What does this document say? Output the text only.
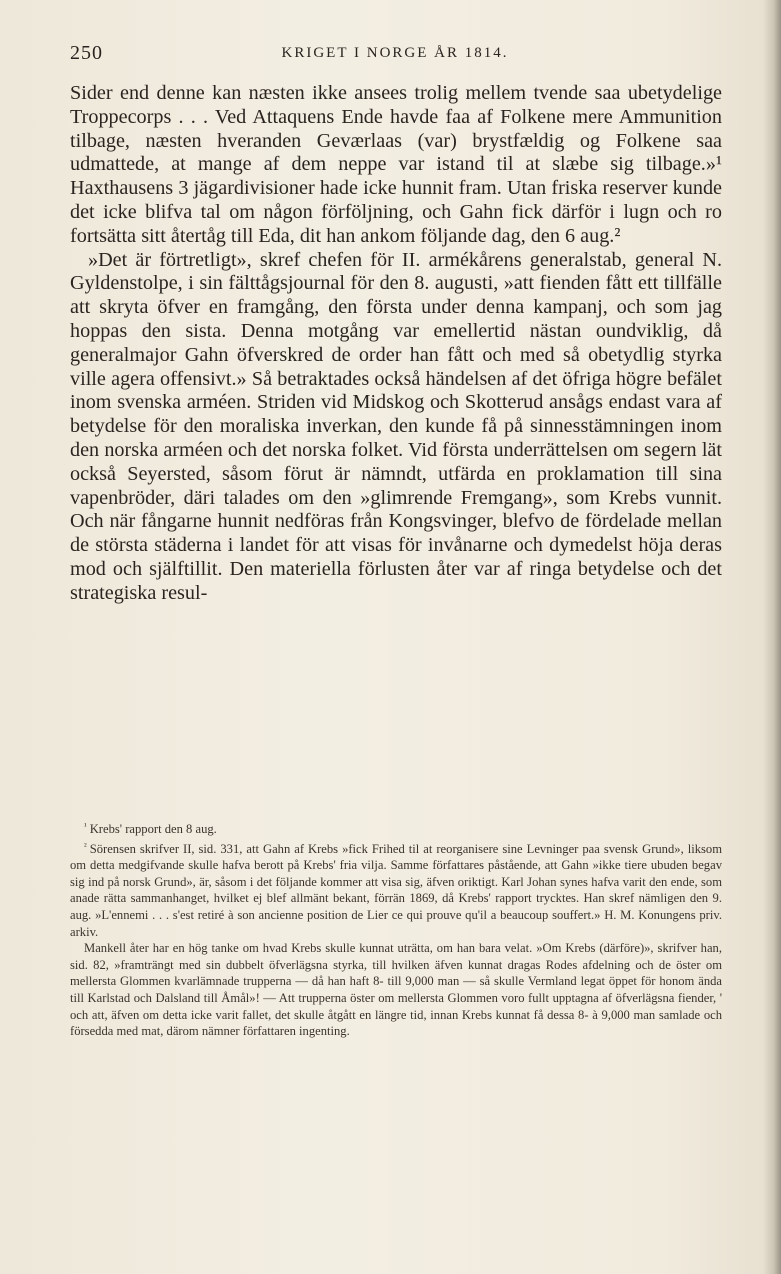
250	KRIGET I NORGE ÅR 1814.

Sider end denne kan næsten ikke ansees trolig mellem tvende saa ubetydelige Troppecorps . . . Ved Attaquens Ende havde faa af Folkene mere Ammunition tilbage, næsten hveranden Geværlaas (var) brystfældig og Folkene saa udmattede, at mange af dem neppe var istand til at slæbe sig tilbage.»¹ Haxthausens 3 jägardivisioner hade icke hunnit fram. Utan friska reserver kunde det icke blifva tal om någon förföljning, och Gahn fick därför i lugn och ro fortsätta sitt återtåg till Eda, dit han ankom följande dag, den 6 aug.²

»Det är förtretligt», skref chefen för II. armékårens generalstab, general N. Gyldenstolpe, i sin fälttågsjournal för den 8. augusti, »att fienden fått ett tillfälle att skryta öfver en framgång, den första under denna kampanj, och som jag hoppas den sista. Denna motgång var emellertid nästan oundviklig, då generalmajor Gahn öfverskred de order han fått och med så obetydlig styrka ville agera offensivt.» Så betraktades också händelsen af det öfriga högre befälet inom svenska arméen. Striden vid Midskog och Skotterud ansågs endast vara af betydelse för den moraliska inverkan, den kunde få på sinnesstämningen inom den norska arméen och det norska folket. Vid första underrättelsen om segern lät också Seyersted, såsom förut är nämndt, utfärda en proklamation till sina vapenbröder, däri talades om den »glimrende Fremgang», som Krebs vunnit. Och när fångarne hunnit nedföras från Kongsvinger, blefvo de fördelade mellan de största städerna i landet för att visas för invånarne och dymedelst höja deras mod och själftillit. Den materiella förlusten åter var af ringa betydelse och det strategiska resul-

$^{^1}$ Krebs' rapport den 8 aug.

$^{^2}$ Sörensen skrifver II, sid. 331, att Gahn af Krebs »fick Frihed til at reorganisere sine Levninger paa svensk Grund», liksom om detta medgifvande skulle hafva berott på Krebs' fria vilja. Samme författares påstående, att Gahn »ikke tiere ubuden begav sig ind på norsk Grund», är, såsom i det följande kommer att visa sig, äfven oriktigt. Karl Johan synes hafva varit den ende, som anade rätta sammanhanget, hvilket ej blef allmänt bekant, förrän 1869, då Krebs' rapport trycktes. Han skref nämligen den 9. aug. »L'ennemi . . . s'est retiré à son ancienne position de Lier ce qui prouve qu'il a beaucoup souffert.» H. M. Konungens priv. arkiv.

Mankell åter har en hög tanke om hvad Krebs skulle kunnat uträtta, om han bara velat. »Om Krebs (därföre)», skrifver han, sid. 82, »framträngt med sin dubbelt öfverlägsna styrka, till hvilken äfven kunnat dragas Rodes afdelning och de öster om mellersta Glommen kvarlämnade trupperna — då han haft 8- till 9,000 man — så skulle Vermland legat öppet för honom ända till Karlstad och Dalsland till Åmål»! — Att trupperna öster om mellersta Glommen voro fullt upptagna af öfverlägsna fiender, ' och att, äfven om detta icke varit fallet, det skulle åtgått en längre tid, innan Krebs kunnat få dessa 8- à 9,000 man samlade och försedda med mat, därom nämner författaren ingenting.
